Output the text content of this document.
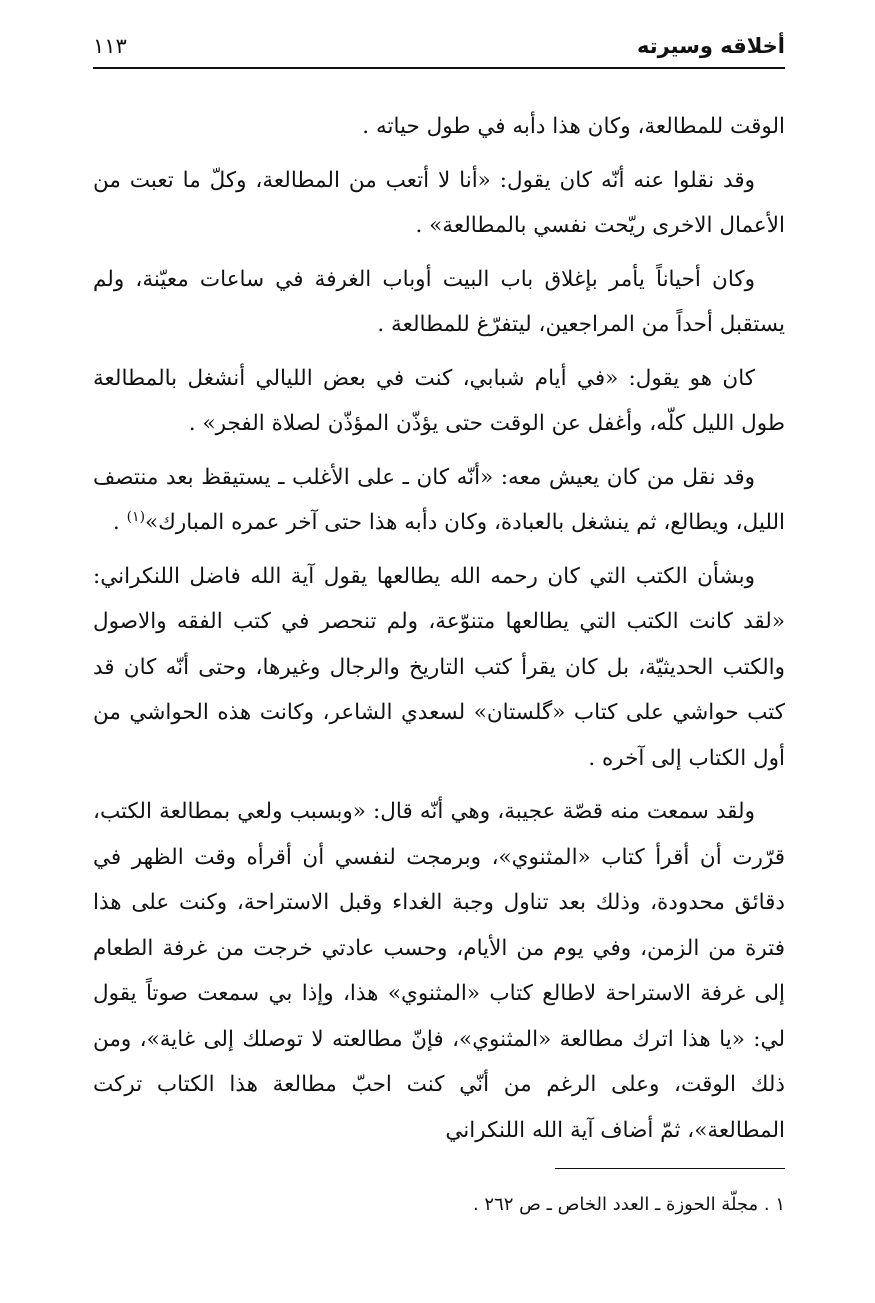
أخلاقه وسيرته
١١٣

الوقت للمطالعة، وكان هذا دأبه في طول حياته .

وقد نقلوا عنه أنّه كان يقول: «أنا لا أتعب من المطالعة، وكلّ ما تعبت من الأعمال الاخرى ريّحت نفسي بالمطالعة» .

وكان أحياناً يأمر بإغلاق باب البيت أوباب الغرفة في ساعات معيّنة، ولم يستقبل أحداً من المراجعين، ليتفرّغ للمطالعة .

كان هو يقول: «في أيام شبابي، كنت في بعض الليالي أنشغل بالمطالعة طول الليل كلّه، وأغفل عن الوقت حتى يؤذّن المؤذّن لصلاة الفجر» .

وقد نقل من كان يعيش معه: «أنّه كان ـ على الأغلب ـ يستيقظ بعد منتصف الليل، ويطالع، ثم ينشغل بالعبادة، وكان دأبه هذا حتى آخر عمره المبارك»$^{(١)}$ .

وبشأن الكتب التي كان رحمه الله يطالعها يقول آية الله فاضل اللنكراني: «لقد كانت الكتب التي يطالعها متنوّعة، ولم تنحصر في كتب الفقه والاصول والكتب الحديثيّة، بل كان يقرأ كتب التاريخ والرجال وغيرها، وحتى أنّه كان قد كتب حواشي على كتاب «گلستان» لسعدي الشاعر، وكانت هذه الحواشي من أول الكتاب إلى آخره .

ولقد سمعت منه قصّة عجيبة، وهي أنّه قال: «وبسبب ولعي بمطالعة الكتب، قرّرت أن أقرأ كتاب «المثنوي»، وبرمجت لنفسي أن أقرأه وقت الظهر في دقائق محدودة، وذلك بعد تناول وجبة الغداء وقبل الاستراحة، وكنت على هذا فترة من الزمن، وفي يوم من الأيام، وحسب عادتي خرجت من غرفة الطعام إلى غرفة الاستراحة لاطالع كتاب «المثنوي» هذا، وإذا بي سمعت صوتاً يقول لي: «يا هذا اترك مطالعة «المثنوي»، فإنّ مطالعته لا توصلك إلى غاية»، ومن ذلك الوقت، وعلى الرغم من أنّي كنت احبّ مطالعة هذا الكتاب تركت المطالعة»، ثمّ أضاف آية الله اللنكراني

١ . مجلّة الحوزة ـ العدد الخاص ـ ص ٢٦٢ .
